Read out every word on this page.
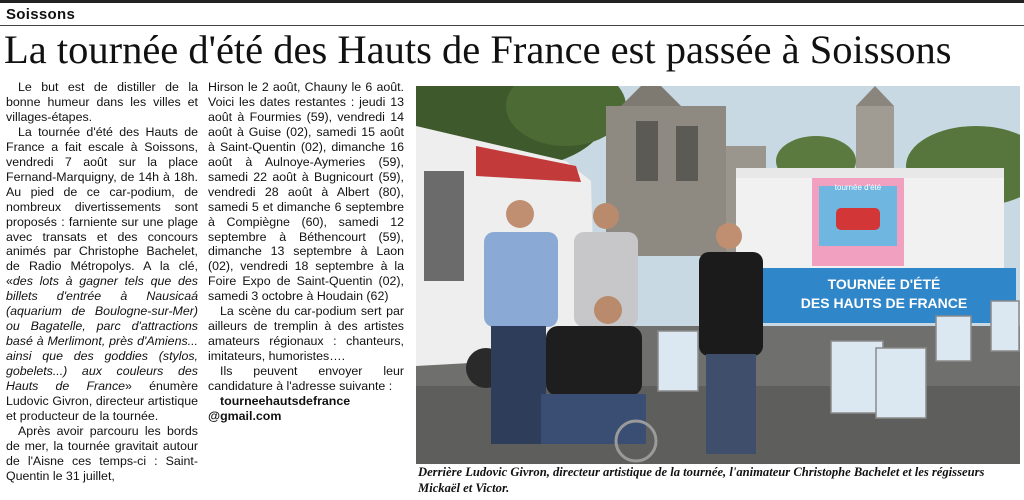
Soissons
La tournée d'été des Hauts de France est passée à Soissons

Le but est de distiller de la bonne humeur dans les villes et villages-étapes.

La tournée d'été des Hauts de France a fait escale à Soissons, vendredi 7 août sur la place Fernand-Marquigny, de 14h à 18h. Au pied de ce car-podium, de nombreux divertissements sont proposés : farniente sur une plage avec transats et des concours animés par Christophe Bachelet, de Radio Métropolys. A la clé, «des lots à gagner tels que des billets d'entrée à Nausicaá (aquarium de Boulogne-sur-Mer) ou Bagatelle, parc d'attractions basé à Merlimont, près d'Amiens... ainsi que des goddies (stylos, gobelets...) aux couleurs des Hauts de France» énumère Ludovic Givron, directeur artistique et producteur de la tournée.

Après avoir parcouru les bords de mer, la tournée gravitait autour de l'Aisne ces temps-ci : Saint-Quentin le 31 juillet,

Hirson le 2 août, Chauny le 6 août. Voici les dates restantes : jeudi 13 août à Fourmies (59), vendredi 14 août à Guise (02), samedi 15 août à Saint-Quentin (02), dimanche 16 août à Aulnoye-Aymeries (59), samedi 22 août à Bugnicourt (59), vendredi 28 août à Albert (80), samedi 5 et dimanche 6 septembre à Compiègne (60), samedi 12 septembre à Béthencourt (59), dimanche 13 septembre à Laon (02), vendredi 18 septembre à la Foire Expo de Saint-Quentin (02), samedi 3 octobre à Houdain (62)

La scène du car-podium sert par ailleurs de tremplin à des artistes amateurs régionaux : chanteurs, imitateurs, humoristes….

Ils peuvent envoyer leur candidature à l'adresse suivante :

tourneehautsdefrance
@gmail.com

tournée d'été
TOURNÉE D'ÉTÉ
DES HAUTS DE FRANCE
Derrière Ludovic Givron, directeur artistique de la tournée, l'animateur Christophe Bachelet et les régisseurs Mickaël et Victor.
